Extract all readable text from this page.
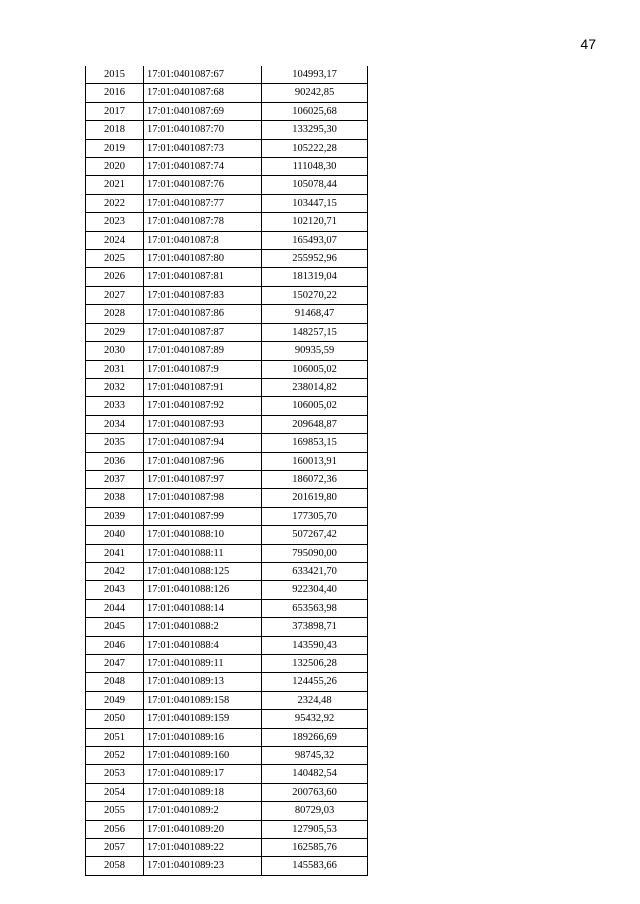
47
2015	17:01:0401087:67	104993,17
2016	17:01:0401087:68	90242,85
2017	17:01:0401087:69	106025,68
2018	17:01:0401087:70	133295,30
2019	17:01:0401087:73	105222,28
2020	17:01:0401087:74	111048,30
2021	17:01:0401087:76	105078,44
2022	17:01:0401087:77	103447,15
2023	17:01:0401087:78	102120,71
2024	17:01:0401087:8	165493,07
2025	17:01:0401087:80	255952,96
2026	17:01:0401087:81	181319,04
2027	17:01:0401087:83	150270,22
2028	17:01:0401087:86	91468,47
2029	17:01:0401087:87	148257,15
2030	17:01:0401087:89	90935,59
2031	17:01:0401087:9	106005,02
2032	17:01:0401087:91	238014,82
2033	17:01:0401087:92	106005,02
2034	17:01:0401087:93	209648,87
2035	17:01:0401087:94	169853,15
2036	17:01:0401087:96	160013,91
2037	17:01:0401087:97	186072,36
2038	17:01:0401087:98	201619,80
2039	17:01:0401087:99	177305,70
2040	17:01:0401088:10	507267,42
2041	17:01:0401088:11	795090,00
2042	17:01:0401088:125	633421,70
2043	17:01:0401088:126	922304,40
2044	17:01:0401088:14	653563,98
2045	17:01:0401088:2	373898,71
2046	17:01:0401088:4	143590,43
2047	17:01:0401089:11	132506,28
2048	17:01:0401089:13	124455,26
2049	17:01:0401089:158	2324,48
2050	17:01:0401089:159	95432,92
2051	17:01:0401089:16	189266,69
2052	17:01:0401089:160	98745,32
2053	17:01:0401089:17	140482,54
2054	17:01:0401089:18	200763,60
2055	17:01:0401089:2	80729,03
2056	17:01:0401089:20	127905,53
2057	17:01:0401089:22	162585,76
2058	17:01:0401089:23	145583,66
